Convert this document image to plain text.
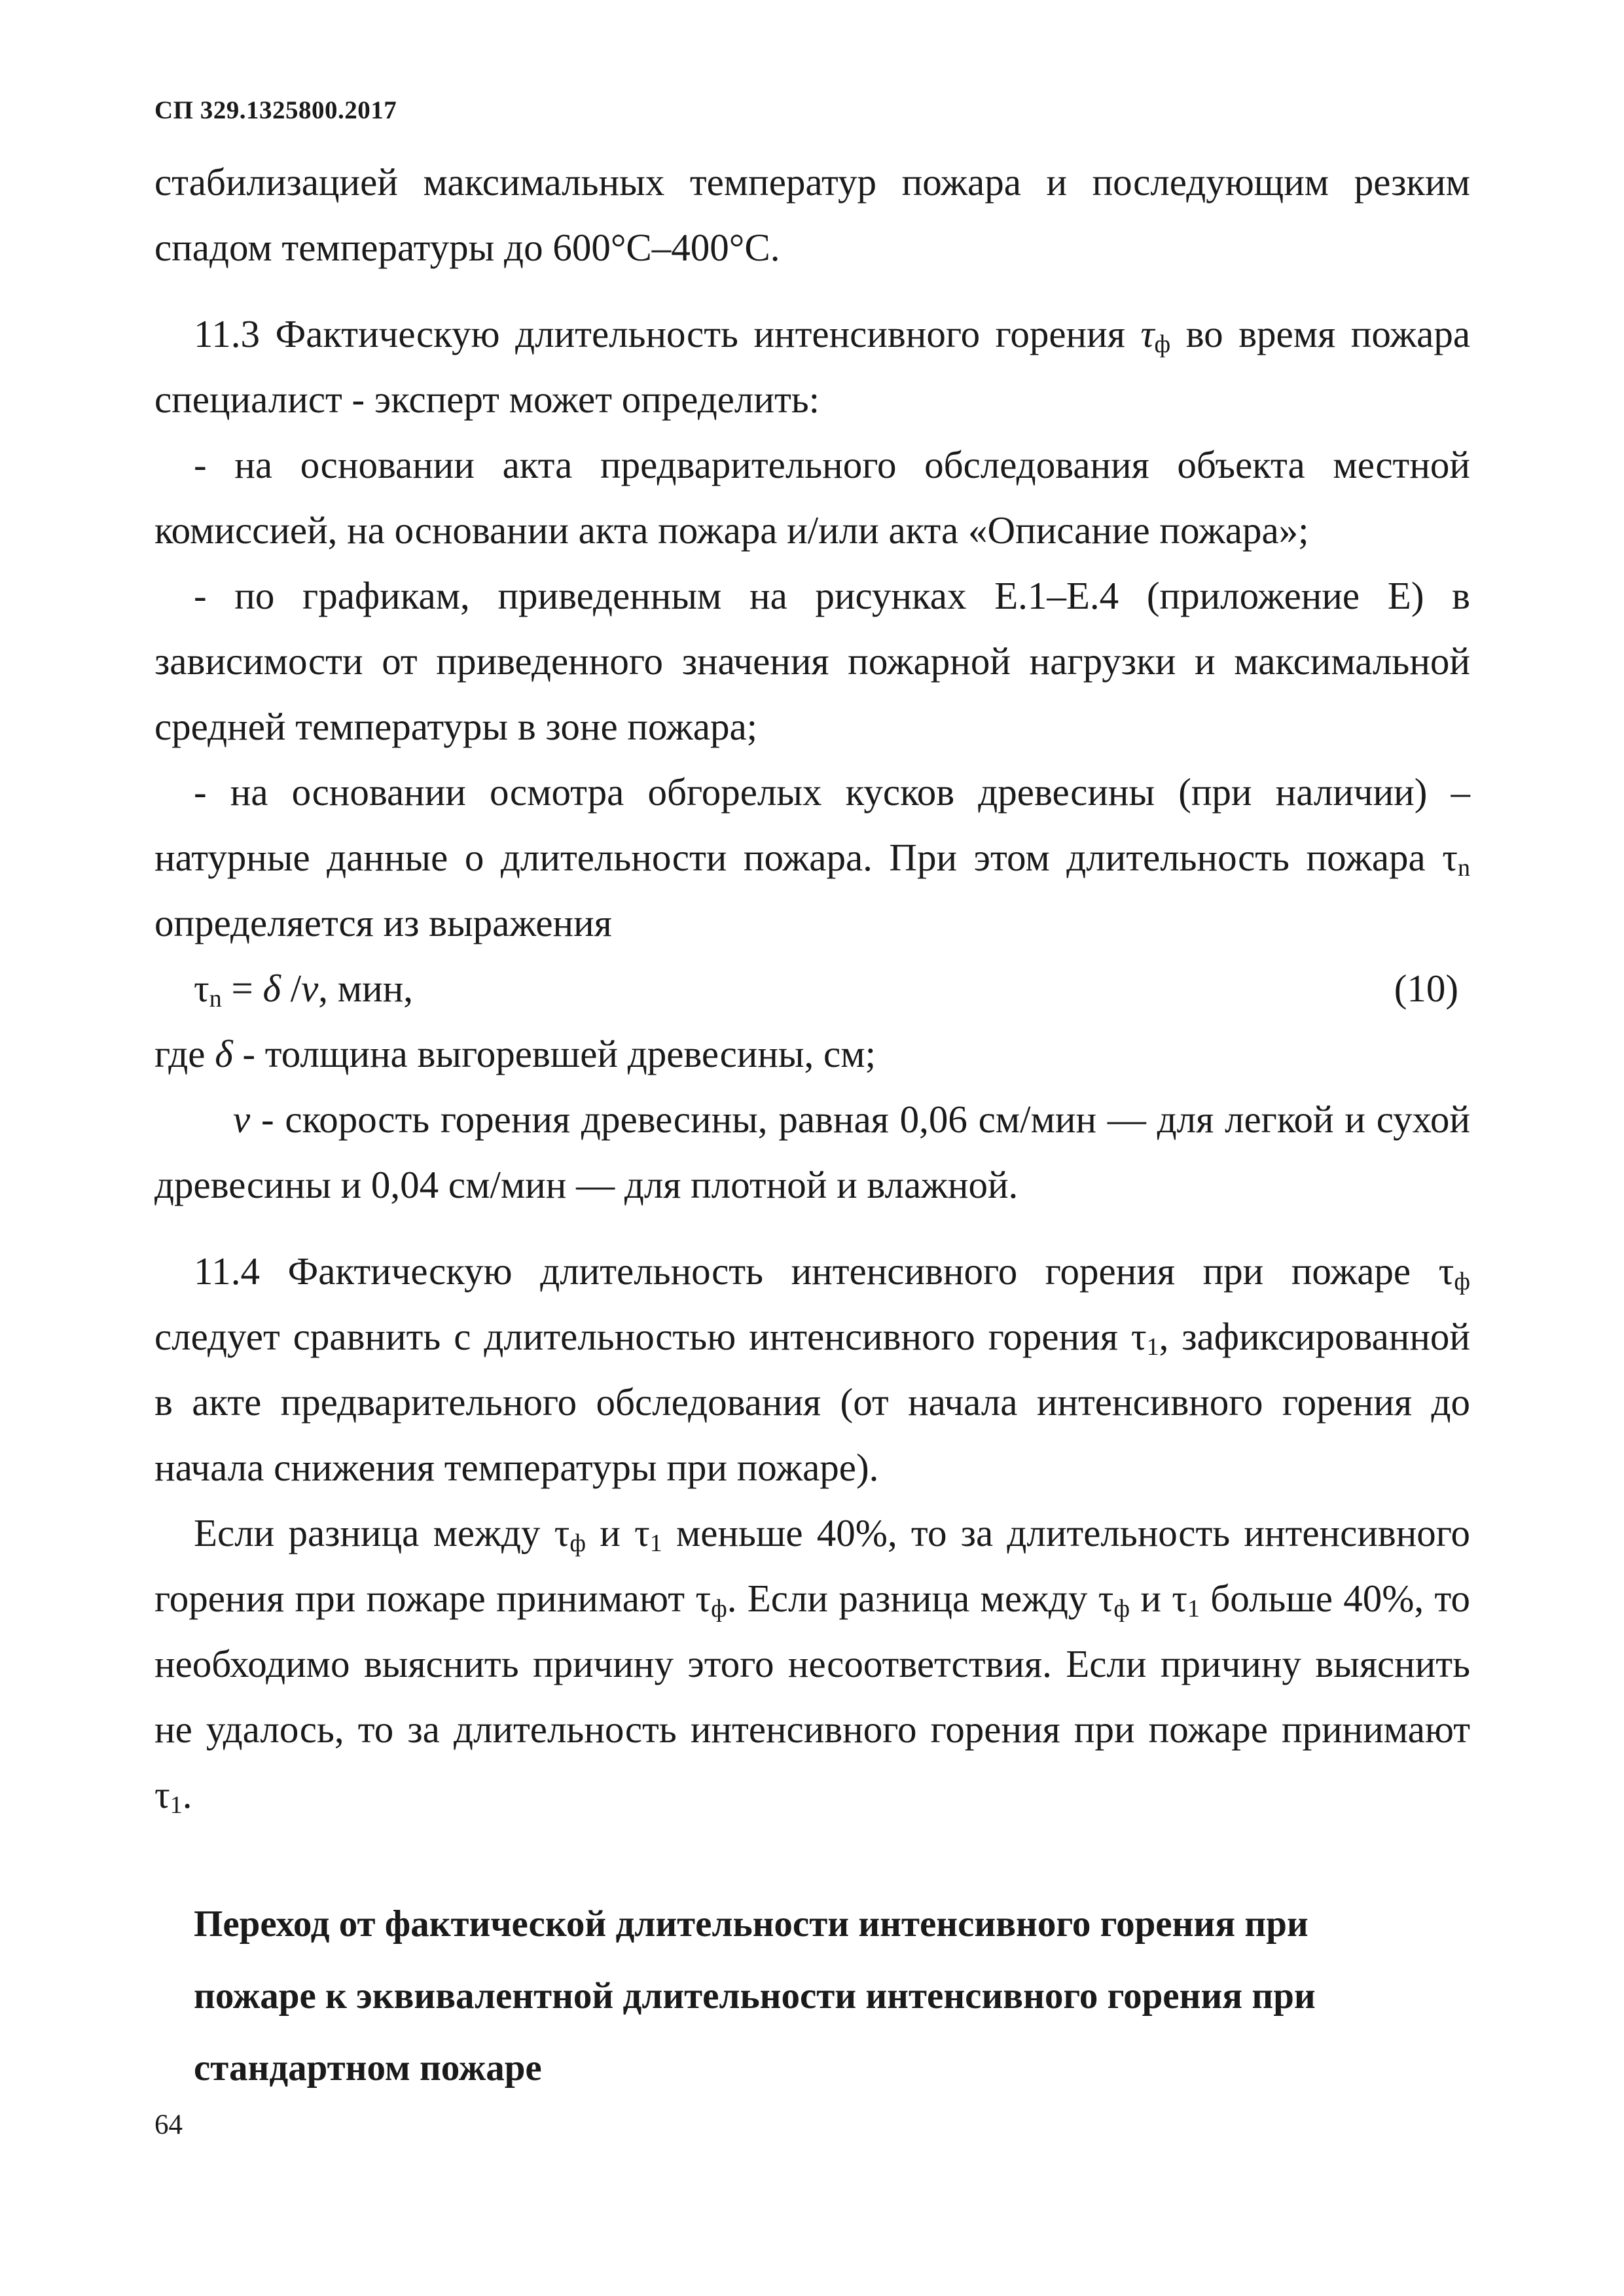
СП 329.1325800.2017

стабилизацией максимальных температур пожара и последующим резким спадом температуры до 600°С–400°С.

11.3 Фактическую длительность интенсивного горения $\tau_ф$ во время пожара специалист - эксперт может определить:

- на основании акта предварительного обследования объекта местной комиссией, на основании акта пожара и/или акта «Описание пожара»;

- по графикам, приведенным на рисунках Е.1–Е.4 (приложение Е) в зависимости от приведенного значения пожарной нагрузки и максимальной средней температуры в зоне пожара;

- на основании осмотра обгорелых кусков древесины (при наличии) – натурные данные о длительности пожара. При этом длительность пожара $\tau_n$ определяется из выражения

$\tau_n = \delta$ /v, мин,	(10)

где δ - толщина выгоревшей древесины, см;

v - скорость горения древесины, равная 0,06 см/мин — для легкой и сухой древесины и 0,04 см/мин — для плотной и влажной.

11.4 Фактическую длительность интенсивного горения при пожаре $\tau_ф$ следует сравнить с длительностью интенсивного горения $\tau_1$, зафиксированной в акте предварительного обследования (от начала интенсивного горения до начала снижения температуры при пожаре).

Если разница между $\tau_ф$ и $\tau_1$ меньше 40%, то за длительность интенсивного горения при пожаре принимают $\tau_ф$. Если разница между $\tau_ф$ и $\tau_1$ больше 40%, то необходимо выяснить причину этого несоответствия. Если причину выяснить не удалось, то за длительность интенсивного горения при пожаре принимают $\tau_1$.

Переход от фактической длительности интенсивного горения при

пожаре к эквивалентной длительности интенсивного горения при

стандартном пожаре

64
